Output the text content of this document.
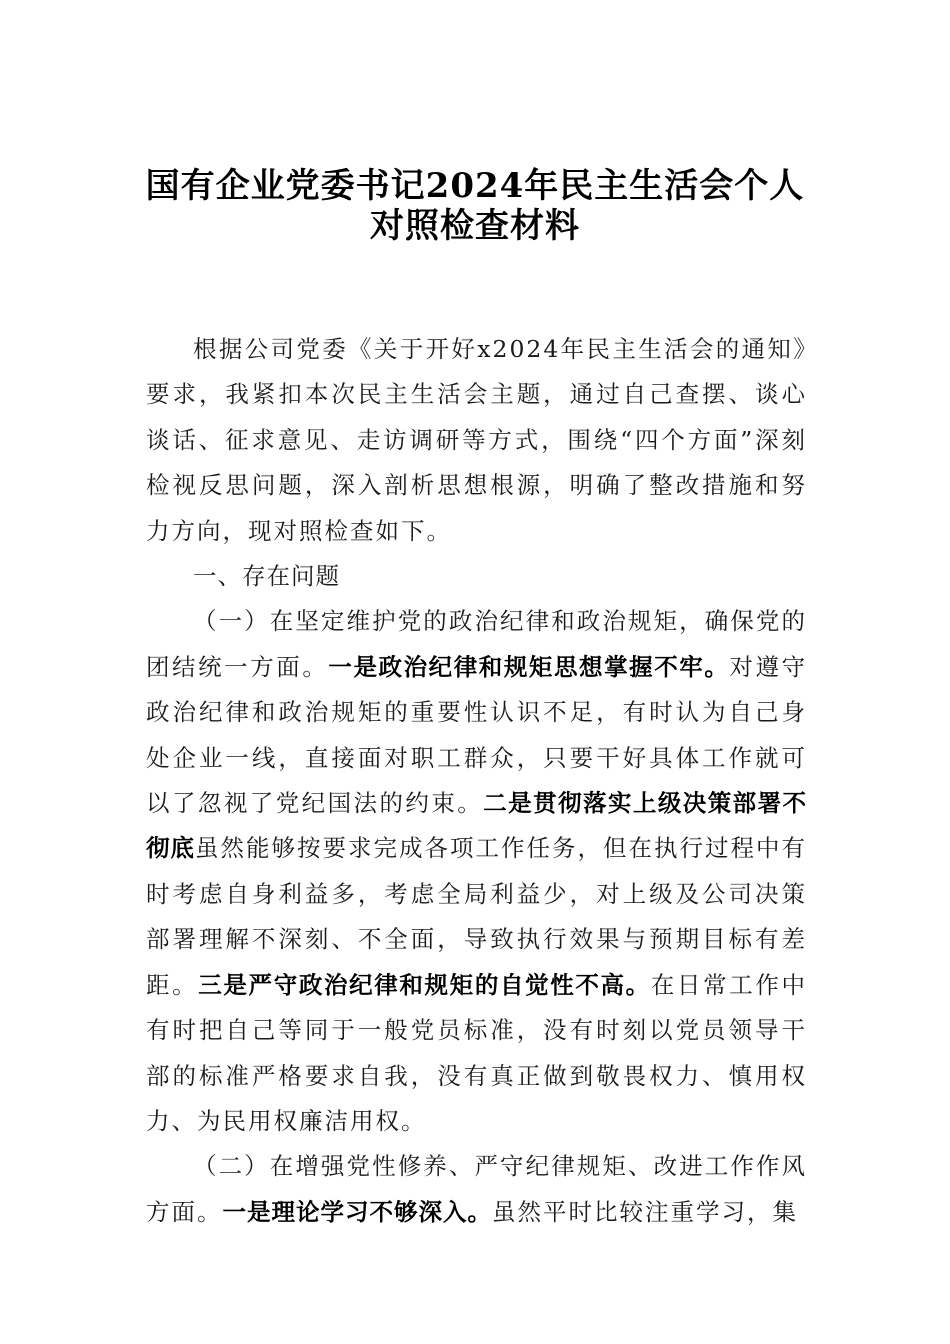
国有企业党委书记2024年民主生活会个人
对照检查材料

根据公司党委《关于开好x2024年民主生活会的通知》要求，我紧扣本次民主生活会主题，通过自己查摆、谈心谈话、征求意见、走访调研等方式，围绕“四个方面”深刻检视反思问题，深入剖析思想根源，明确了整改措施和努力方向，现对照检查如下。

一、存在问题

（一）在坚定维护党的政治纪律和政治规矩，确保党的团结统一方面。一是政治纪律和规矩思想掌握不牢。对遵守政治纪律和政治规矩的重要性认识不足，有时认为自己身处企业一线，直接面对职工群众，只要干好具体工作就可以了忽视了党纪国法的约束。二是贯彻落实上级决策部署不彻底虽然能够按要求完成各项工作任务，但在执行过程中有时考虑自身利益多，考虑全局利益少，对上级及公司决策部署理解不深刻、不全面，导致执行效果与预期目标有差距。三是严守政治纪律和规矩的自觉性不高。在日常工作中有时把自己等同于一般党员标准，没有时刻以党员领导干部的标准严格要求自我，没有真正做到敬畏权力、慎用权力、为民用权廉洁用权。

（二）在增强党性修养、严守纪律规矩、改进工作作风方面。一是理论学习不够深入。虽然平时比较注重学习，集
